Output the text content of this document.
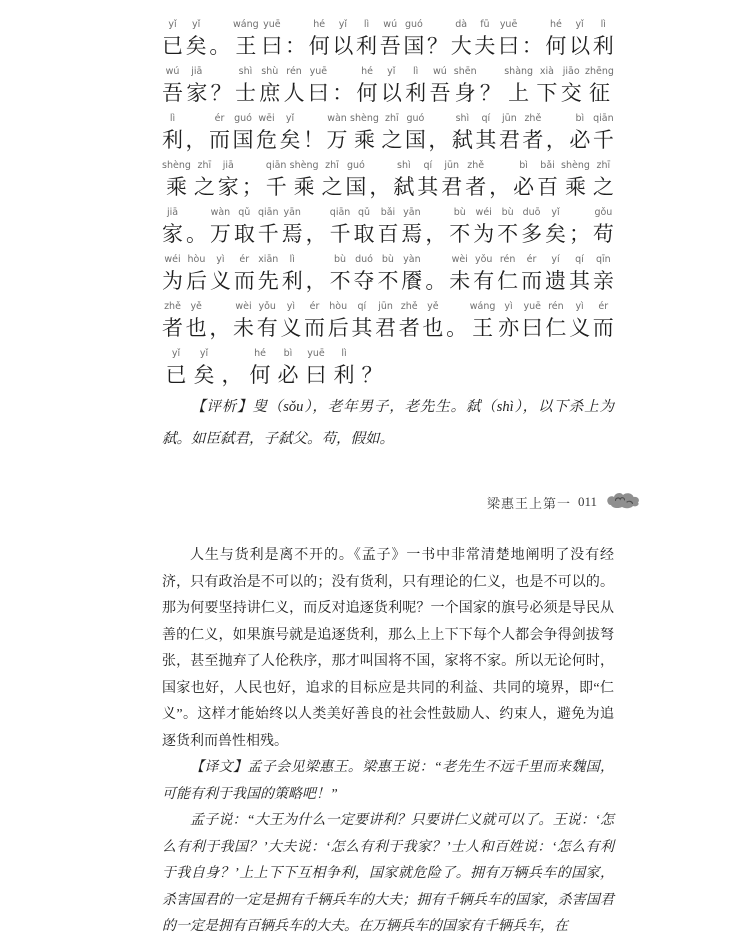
yǐ
已
yǐ
矣 。
wáng
王
yuē
曰 ：
hé
何
yǐ
以
lì
利
wú
吾
guó
国 ？
dà
大
fū
夫
yuē
曰 ：
hé
何
yǐ
以
lì
利
wú
吾
jiā
家 ？
shì
士
shù
庶
rén
人
yuē
曰 ：
hé
何
yǐ
以
lì
利
wú
吾
shēn
身 ？
shàng
上
xià
下
jiāo
交
zhēng
征
lì
利 ，
ér
而
guó
国
wēi
危
yǐ
矣 ！
wàn
万
shèng
乘
zhī
之
guó
国 ，
shì
弑
qí
其
jūn
君
zhě
者 ，
bì
必
qiān
千
shèng
乘
zhī
之
jiā
家 ；
qiān
千
shèng
乘
zhī
之
guó
国 ，
shì
弑
qí
其
jūn
君
zhě
者 ，
bì
必
bǎi
百
shèng
乘
zhī
之
jiā
家 。
wàn
万
qǔ
取
qiān
千
yān
焉 ，
qiān
千
qǔ
取
bǎi
百
yān
焉 ，
bù
不
wéi
为
bù
不
duō
多
yǐ
矣 ；
gǒu
苟
wéi
为
hòu
后
yì
义
ér
而
xiān
先
lì
利 ，
bù
不
duó
夺
bù
不
yàn
餍 。
wèi
未
yǒu
有
rén
仁
ér
而
yí
遗
qí
其
qīn
亲
zhě
者
yě
也 ，
wèi
未
yǒu
有
yì
义
ér
而
hòu
后
qí
其
jūn
君
zhě
者
yě
也 。
wáng
王
yì
亦
yuē
曰
rén
仁
yì
义
ér
而
yǐ
已
yǐ
矣 ，
hé
何
bì
必
yuē
曰
lì
利 ？

【评析】叟（sǒu），老年男子，老先生。弑（shì），以下杀上为弑。如臣弑君，子弑父。苟，假如。

梁惠王上第一 011

人生与货利是离不开的。《孟子》一书中非常清楚地阐明了没有经济，只有政治是不可以的；没有货利，只有理论的仁义，也是不可以的。那为何要坚持讲仁义，而反对追逐货利呢？一个国家的旗号必须是导民从善的仁义，如果旗号就是追逐货利，那么上上下下每个人都会争得剑拔弩张，甚至抛弃了人伦秩序，那才叫国将不国，家将不家。所以无论何时，国家也好，人民也好，追求的目标应是共同的利益、共同的境界，即“仁义”。这样才能始终以人类美好善良的社会性鼓励人、约束人，避免为追逐货利而兽性相残。

【译文】孟子会见梁惠王。梁惠王说：“老先生不远千里而来魏国，可能有利于我国的策略吧！”

孟子说：“大王为什么一定要讲利？只要讲仁义就可以了。王说：‘怎么有利于我国？’大夫说：‘怎么有利于我家？’士人和百姓说：‘怎么有利于我自身？’上上下下互相争利，国家就危险了。拥有万辆兵车的国家，杀害国君的一定是拥有千辆兵车的大夫；拥有千辆兵车的国家，杀害国君的一定是拥有百辆兵车的大夫。在万辆兵车的国家有千辆兵车，在
